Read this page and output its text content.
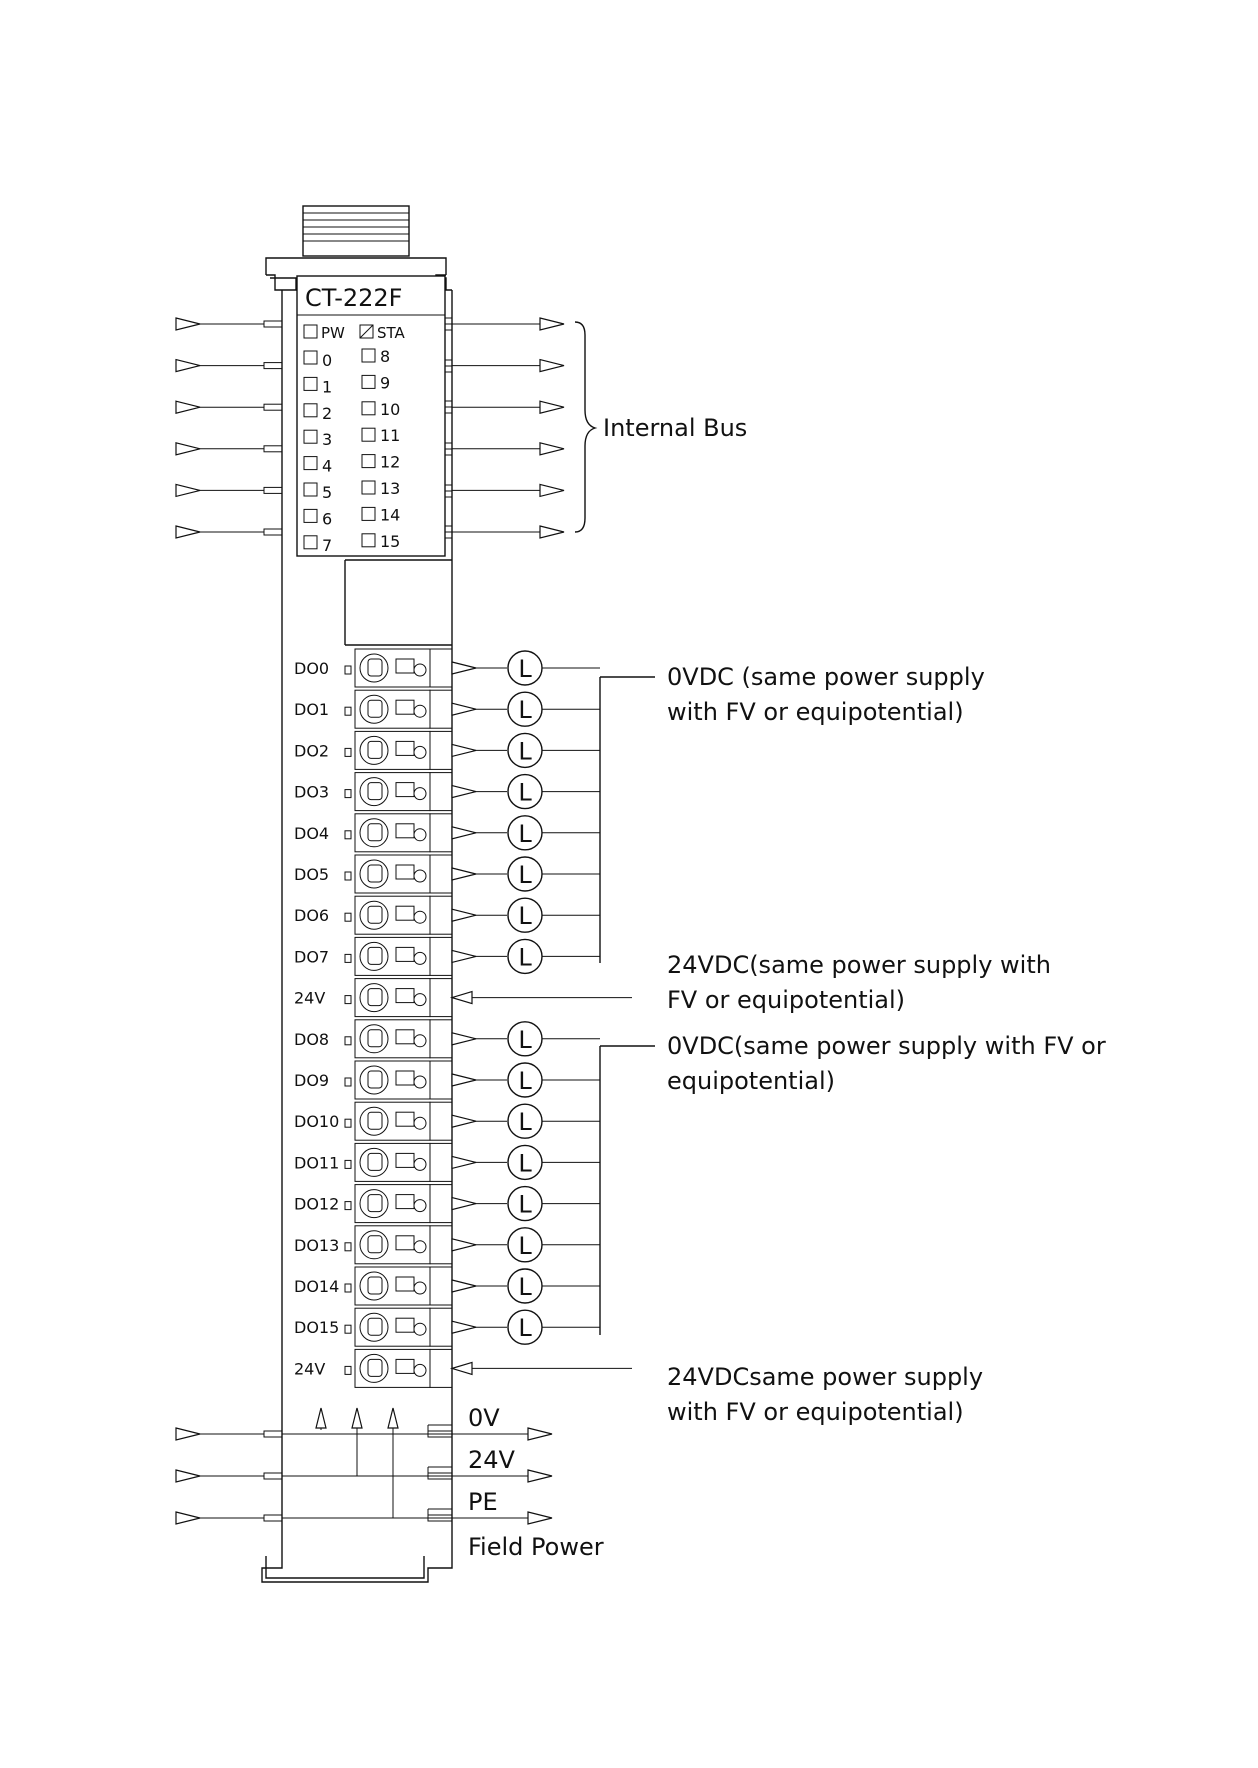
CT-222F
PW STA
0	8
1	9
2	10
3	11
4	12
5	13
6	14
7	15
Internal Bus
DO0	L
DO1	L
DO2	L
DO3	L
DO4	L
DO5	L
DO6	L
DO7	L
24V
DO8	L
DO9	L
DO10	L
DO11	L
DO12	L
DO13	L
DO14	L
DO15	L
24V
0VDC (same power supply
with FV or equipotential)
24VDC(same power supply with
FV or equipotential)
0VDC(same power supply with FV or
equipotential)
24VDCsame power supply
with FV or equipotential)
0V
24V
PE
Field Power
